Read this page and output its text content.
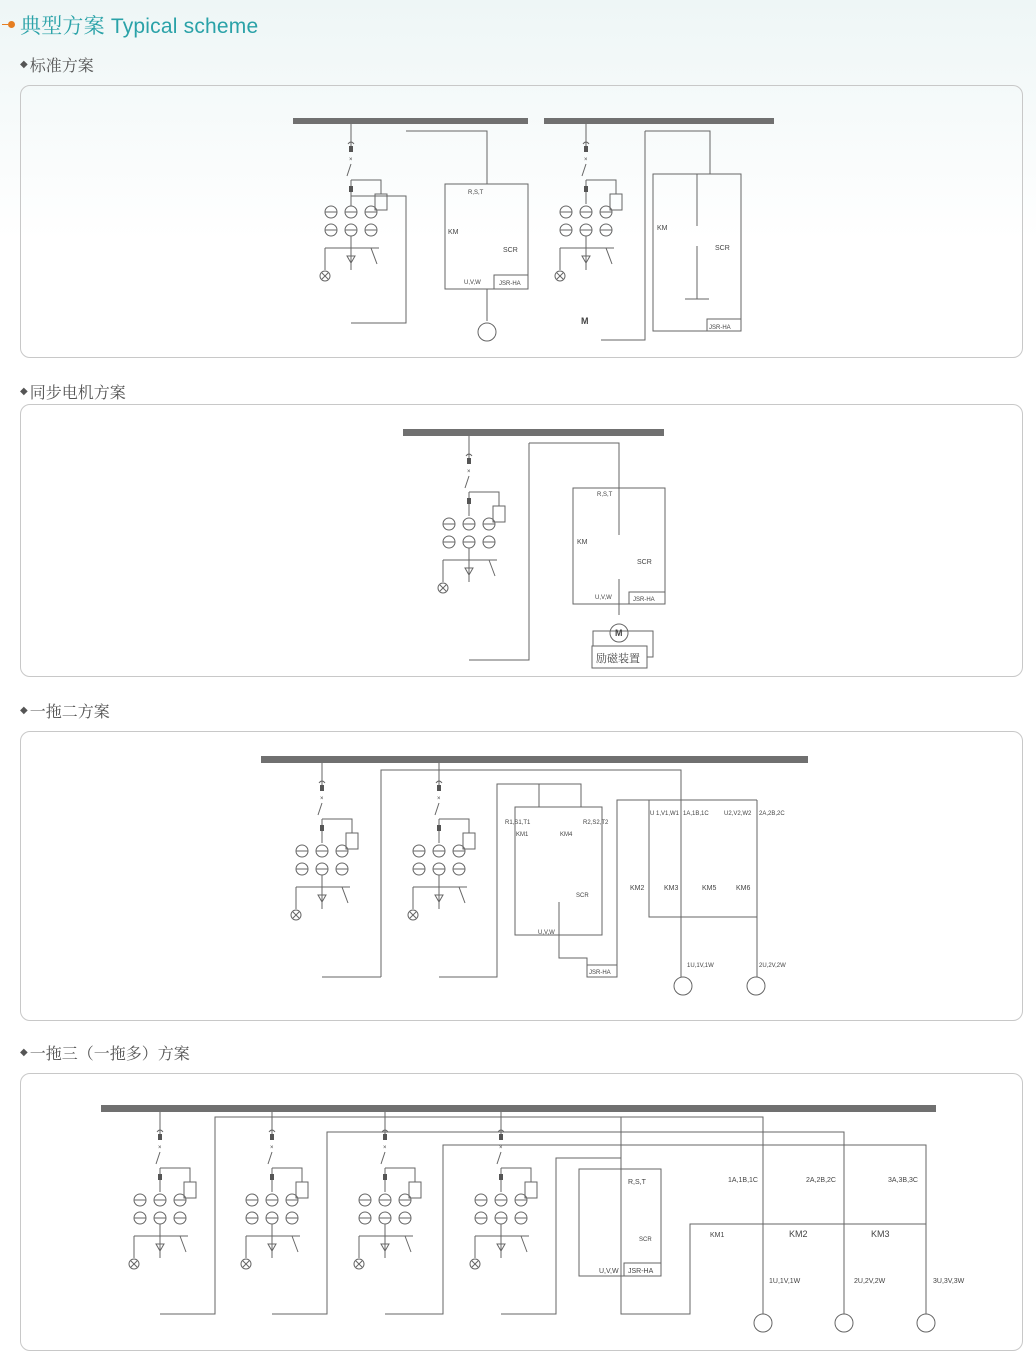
典型方案 Typical scheme
◆ 标准方案
×	×
R,S,T
KM
SCR
U,V,W	JSR-HA
KM
SCR
JSR-HA
M
◆ 同步电机方案
×
R,S,T
KM
SCR
U,V,W	JSR-HA
M
励磁装置
◆ 一拖二方案
×	×
R1,S1,T1	R2,S2,T2
KM1	KM4
SCR
U,V,W
JSR-HA
U 1,V1,W1 1A,1B,1C	U2,V2,W2 2A,2B,2C
KM2	KM3	KM5	KM6
1U,1V,1W	2U,2V,2W
◆ 一拖三（一拖多）方案
×	×	×	×
R,S,T
SCR
U,V,W JSR-HA
1A,1B,1C	2A,2B,2C	3A,3B,3C
KM1	KM2	KM3
1U,1V,1W	2U,2V,2W	3U,3V,3W
